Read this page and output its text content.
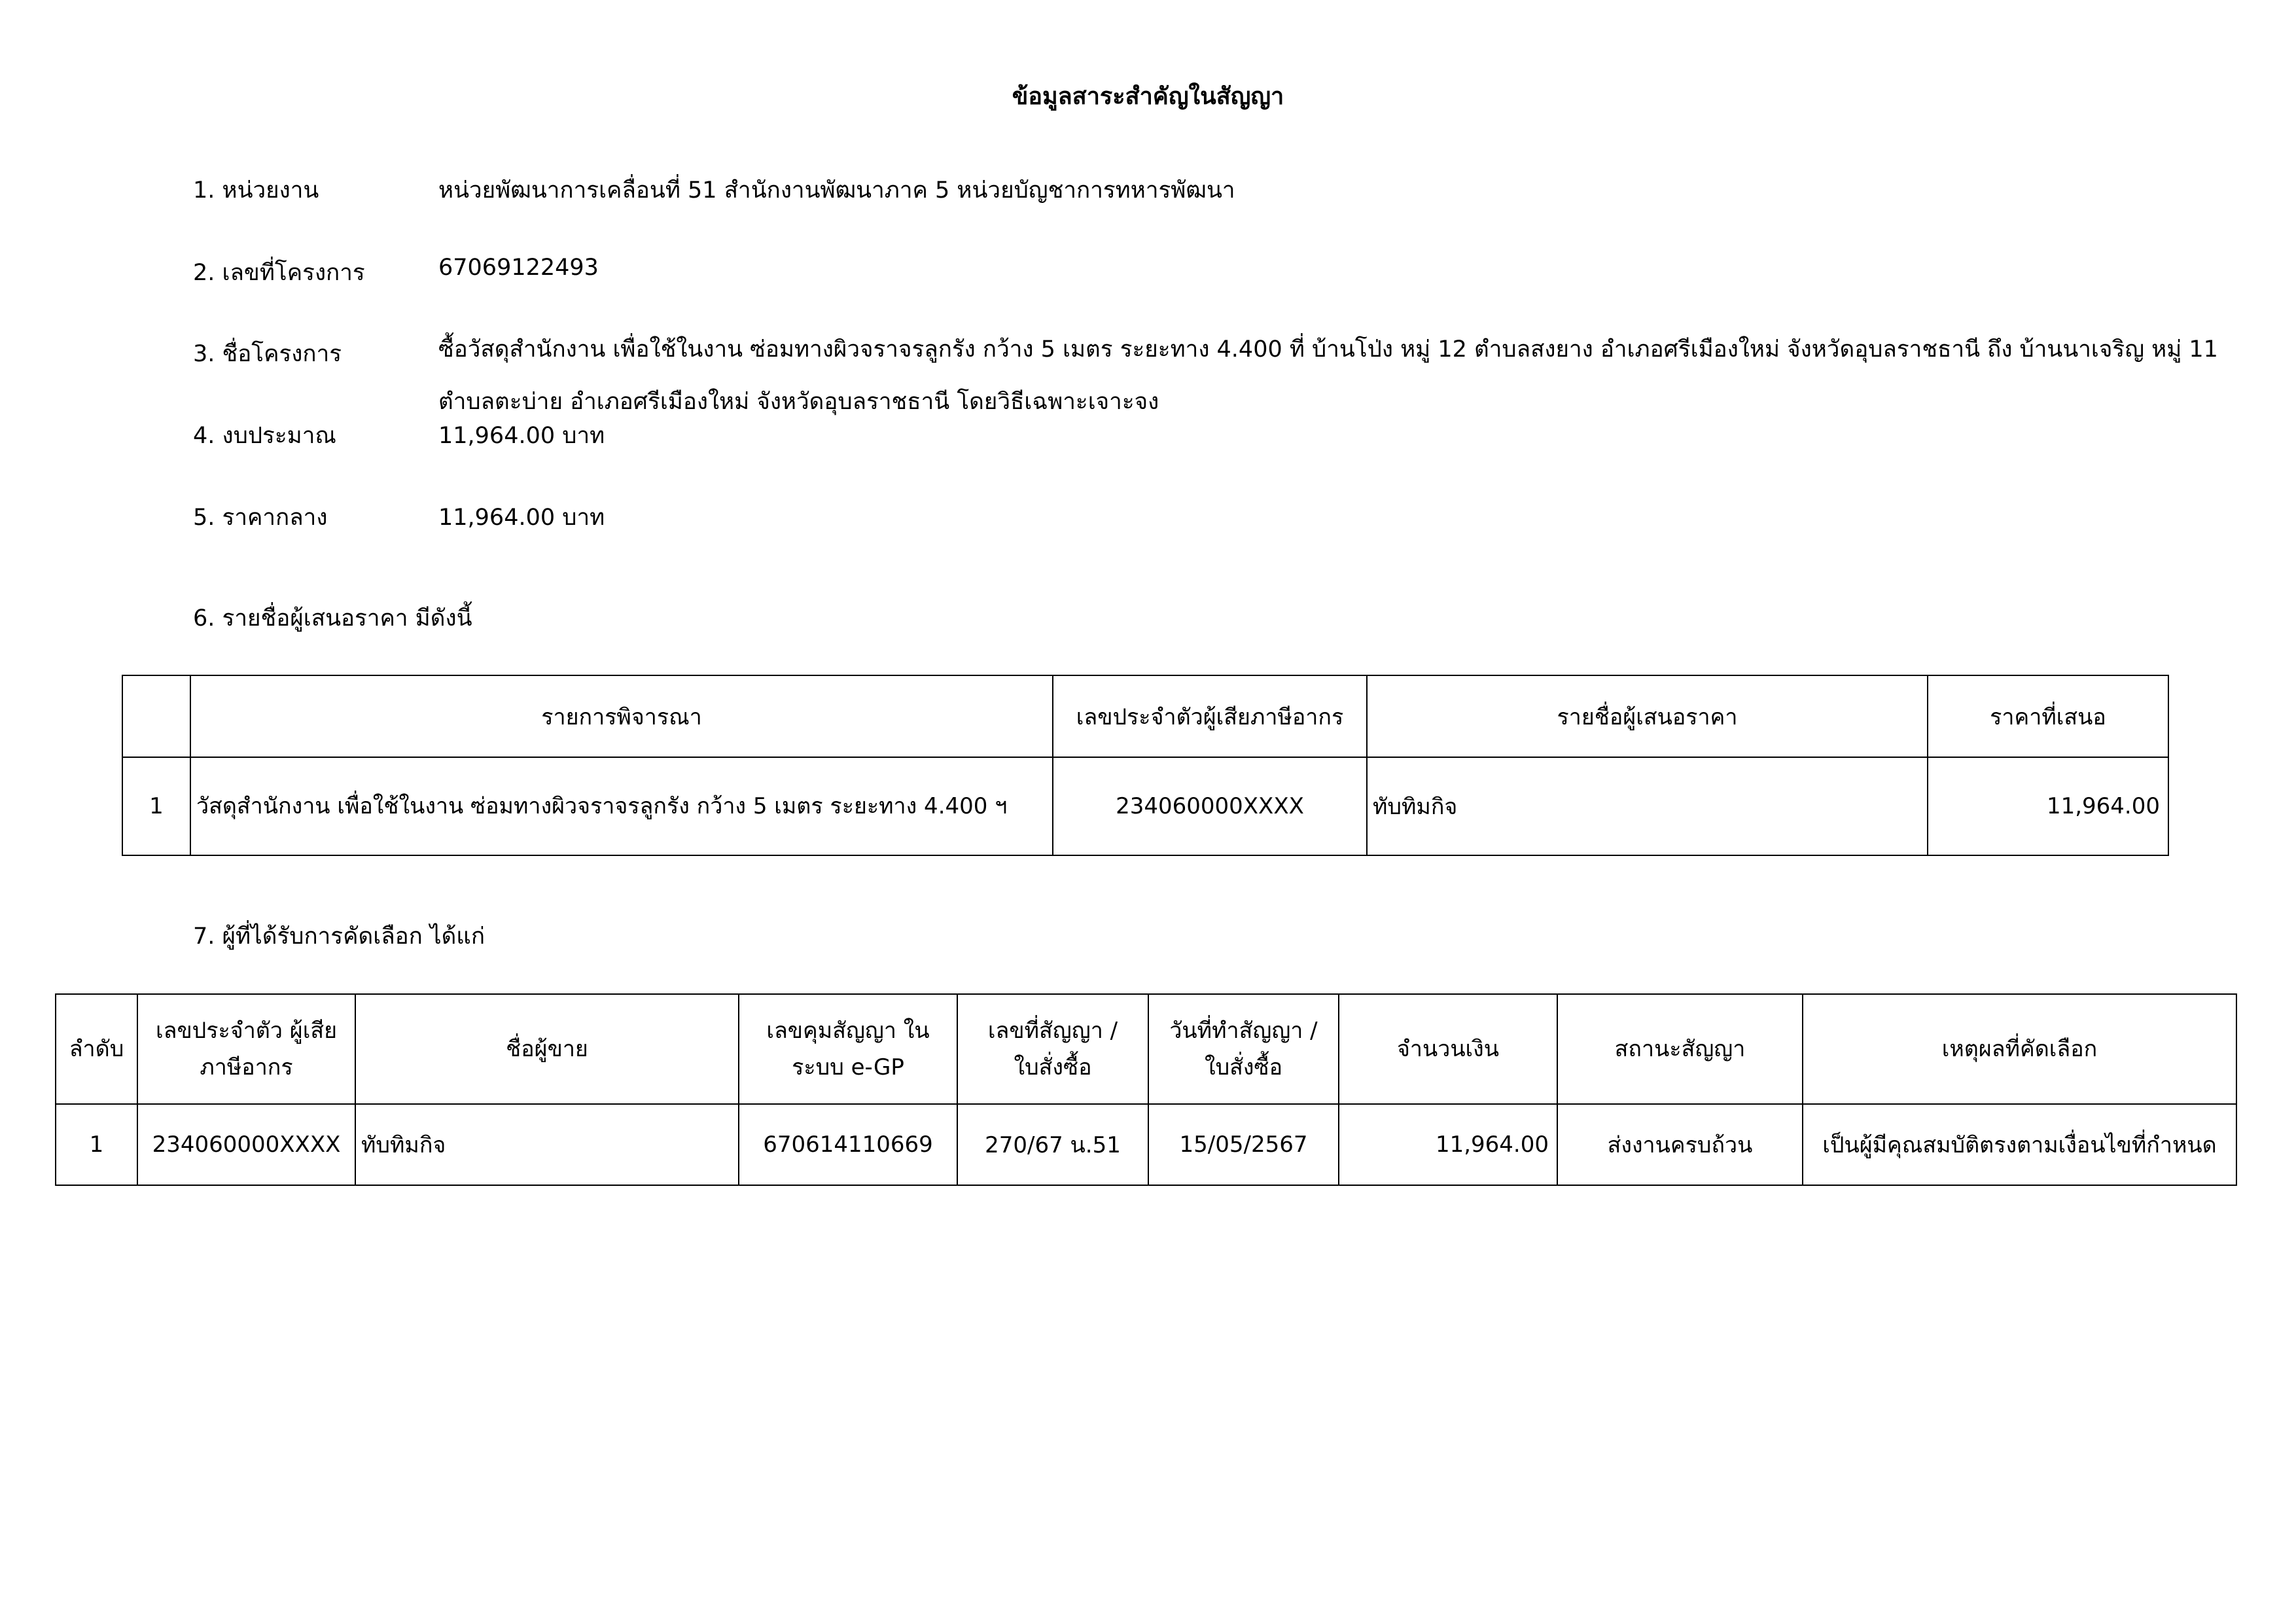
ข้อมูลสาระสำคัญในสัญญา
1. หน่วยงาน	หน่วยพัฒนาการเคลื่อนที่ 51 สำนักงานพัฒนาภาค 5 หน่วยบัญชาการทหารพัฒนา
2. เลขที่โครงการ	67069122493
3. ชื่อโครงการ	ซื้อวัสดุสำนักงาน เพื่อใช้ในงาน ซ่อมทางผิวจราจรลูกรัง กว้าง 5 เมตร ระยะทาง 4.400 ที่ บ้านโป่ง หมู่ 12 ตำบลสงยาง อำเภอศรีเมืองใหม่ จังหวัดอุบลราชธานี ถึง บ้านนาเจริญ หมู่ 11 ตำบลตะบ่าย อำเภอศรีเมืองใหม่ จังหวัดอุบลราชธานี โดยวิธีเฉพาะเจาะจง
4. งบประมาณ	11,964.00 บาท
5. ราคากลาง	11,964.00 บาท
6. รายชื่อผู้เสนอราคา มีดังนี้
	รายการพิจารณา	เลขประจำตัวผู้เสียภาษีอากร	รายชื่อผู้เสนอราคา	ราคาที่เสนอ
1	วัสดุสำนักงาน เพื่อใช้ในงาน ซ่อมทางผิวจราจรลูกรัง กว้าง 5 เมตร ระยะทาง 4.400 ฯ	234060000XXXX	ทับทิมกิจ	11,964.00
7. ผู้ที่ได้รับการคัดเลือก ได้แก่
ลำดับ	เลขประจำตัว ผู้เสียภาษีอากร	ชื่อผู้ขาย	เลขคุมสัญญา ในระบบ e-GP	เลขที่สัญญา / ใบสั่งซื้อ	วันที่ทำสัญญา / ใบสั่งซื้อ	จำนวนเงิน	สถานะสัญญา	เหตุผลที่คัดเลือก
1	234060000XXXX	ทับทิมกิจ	670614110669	270/67 น.51	15/05/2567	11,964.00	ส่งงานครบถ้วน	เป็นผู้มีคุณสมบัติตรงตามเงื่อนไขที่กำหนด
